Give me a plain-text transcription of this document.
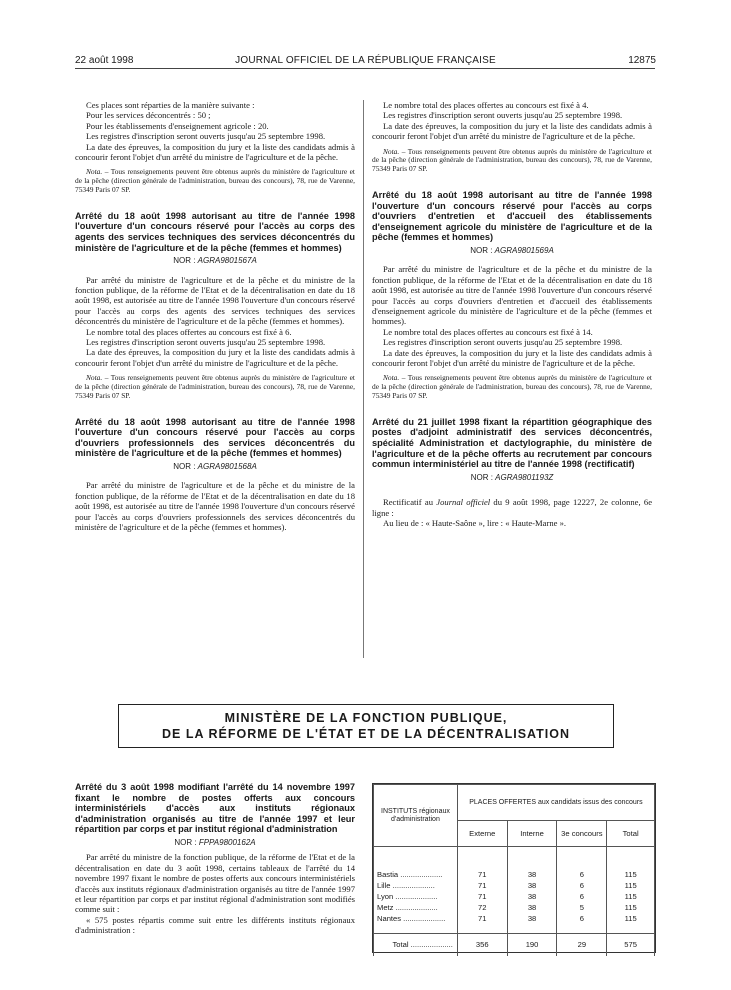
JOURNAL OFFICIEL DE LA RÉPUBLIQUE FRANÇAISE
22 août 1998	12875

Ces places sont réparties de la manière suivante :

Pour les services déconcentrés : 50 ;

Pour les établissements d'enseignement agricole : 20.

Les registres d'inscription seront ouverts jusqu'au 25 septembre 1998.

La date des épreuves, la composition du jury et la liste des candidats admis à concourir feront l'objet d'un arrêté du ministre de l'agriculture et de la pêche.

Nota. – Tous renseignements peuvent être obtenus auprès du ministère de l'agriculture et de la pêche (direction générale de l'administration, bureau des concours), 78, rue de Varenne, 75349 Paris 07 SP.

Arrêté du 18 août 1998 autorisant au titre de l'année 1998 l'ouverture d'un concours réservé pour l'accès au corps des agents des services techniques des services déconcentrés du ministère de l'agriculture et de la pêche (femmes et hommes)

NOR : AGRA9801567A

Par arrêté du ministre de l'agriculture et de la pêche et du ministre de la fonction publique, de la réforme de l'Etat et de la décentralisation en date du 18 août 1998, est autorisée au titre de l'année 1998 l'ouverture d'un concours réservé pour l'accès au corps des agents des services techniques des services déconcentrés du ministère de l'agriculture et de la pêche (femmes et hommes).

Le nombre total des places offertes au concours est fixé à 6.

Les registres d'inscription seront ouverts jusqu'au 25 septembre 1998.

La date des épreuves, la composition du jury et la liste des candidats admis à concourir feront l'objet d'un arrêté du ministre de l'agriculture et de la pêche.

Nota. – Tous renseignements peuvent être obtenus auprès du ministère de l'agriculture et de la pêche (direction générale de l'administration, bureau des concours), 78, rue de Varenne, 75349 Paris 07 SP.

Arrêté du 18 août 1998 autorisant au titre de l'année 1998 l'ouverture d'un concours réservé pour l'accès au corps d'ouvriers professionnels des services déconcentrés du ministère de l'agriculture et de la pêche (femmes et hommes)

NOR : AGRA9801568A

Par arrêté du ministre de l'agriculture et de la pêche et du ministre de la fonction publique, de la réforme de l'Etat et de la décentralisation en date du 18 août 1998, est autorisée au titre de l'année 1998 l'ouverture d'un concours réservé pour l'accès au corps d'ouvriers professionnels des services déconcentrés du ministère de l'agriculture et de la pêche (femmes et hommes).

Le nombre total des places offertes au concours est fixé à 4.

Les registres d'inscription seront ouverts jusqu'au 25 septembre 1998.

La date des épreuves, la composition du jury et la liste des candidats admis à concourir feront l'objet d'un arrêté du ministre de l'agriculture et de la pêche.

Nota. – Tous renseignements peuvent être obtenus auprès du ministère de l'agriculture et de la pêche (direction générale de l'administration, bureau des concours), 78, rue de Varenne, 75349 Paris 07 SP.

Arrêté du 18 août 1998 autorisant au titre de l'année 1998 l'ouverture d'un concours réservé pour l'accès au corps d'ouvriers d'entretien et d'accueil des établissements d'enseignement agricole du ministère de l'agriculture et de la pêche (femmes et hommes)

NOR : AGRA9801569A

Par arrêté du ministre de l'agriculture et de la pêche et du ministre de la fonction publique, de la réforme de l'Etat et de la décentralisation en date du 18 août 1998, est autorisée au titre de l'année 1998 l'ouverture d'un concours réservé pour l'accès au corps d'ouvriers d'entretien et d'accueil des établissements d'enseignement agricole du ministère de l'agriculture et de la pêche (femmes et hommes).

Le nombre total des places offertes au concours est fixé à 14.

Les registres d'inscription seront ouverts jusqu'au 25 septembre 1998.

La date des épreuves, la composition du jury et la liste des candidats admis à concourir feront l'objet d'un arrêté du ministre de l'agriculture et de la pêche.

Nota. – Tous renseignements peuvent être obtenus auprès du ministère de l'agriculture et de la pêche (direction générale de l'administration, bureau des concours), 78, rue de Varenne, 75349 Paris 07 SP.

Arrêté du 21 juillet 1998 fixant la répartition géographique des postes d'adjoint administratif des services déconcentrés, spécialité Administration et dactylographie, du ministère de l'agriculture et de la pêche offerts au recrutement par concours commun interministériel au titre de l'année 1998 (rectificatif)

NOR : AGRA9801193Z

Rectificatif au Journal officiel du 9 août 1998, page 12227, 2e colonne, 6e ligne :

Au lieu de : « Haute-Saône », lire : « Haute-Marne ».

MINISTÈRE DE LA FONCTION PUBLIQUE,
DE LA RÉFORME DE L'ÉTAT ET DE LA DÉCENTRALISATION

Arrêté du 3 août 1998 modifiant l'arrêté du 14 novembre 1997 fixant le nombre de postes offerts aux concours interministériels d'accès aux instituts régionaux d'administration organisés au titre de l'année 1997 et leur répartition par corps et par institut régional d'administration

NOR : FPPA9800162A

Par arrêté du ministre de la fonction publique, de la réforme de l'Etat et de la décentralisation en date du 3 août 1998, certains tableaux de l'arrêté du 14 novembre 1997 fixant le nombre de postes offerts aux concours interministériels d'accès aux instituts régionaux d'administration organisés au titre de l'année 1997 et leur répartition par corps et par institut régional d'administration sont modifiés comme suit :

« 575 postes répartis comme suit entre les différents instituts régionaux d'administration :

INSTITUTS régionaux d'administration	PLACES OFFERTES aux candidats issus des concours			
	Externe	Interne	3e concours	Total

Bastia .....	71	38	6	115
Lille .....	71	38	6	115
Lyon .....	71	38	6	115
Metz .....	72	38	5	115
Nantes .....	71	38	6	115

Total .....	356	190	29	575
